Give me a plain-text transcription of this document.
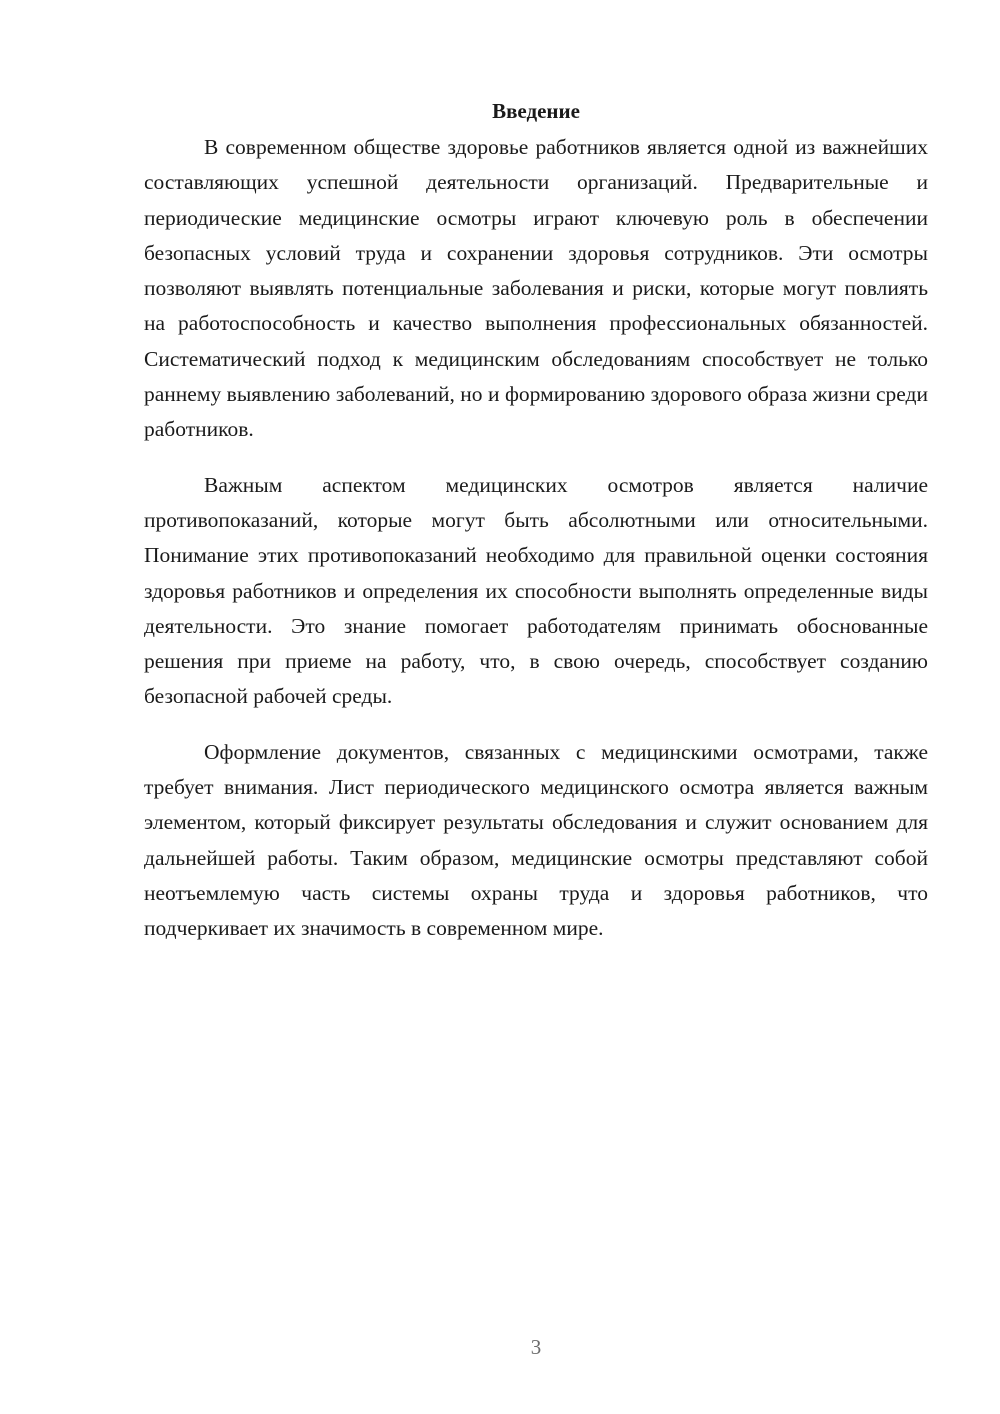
Введение

В современном обществе здоровье работников является одной из важнейших составляющих успешной деятельности организаций. Предварительные и периодические медицинские осмотры играют ключевую роль в обеспечении безопасных условий труда и сохранении здоровья сотрудников. Эти осмотры позволяют выявлять потенциальные заболевания и риски, которые могут повлиять на работоспособность и качество выполнения профессиональных обязанностей. Систематический подход к медицинским обследованиям способствует не только раннему выявлению заболеваний, но и формированию здорового образа жизни среди работников.

Важным аспектом медицинских осмотров является наличие противопоказаний, которые могут быть абсолютными или относительными. Понимание этих противопоказаний необходимо для правильной оценки состояния здоровья работников и определения их способности выполнять определенные виды деятельности. Это знание помогает работодателям принимать обоснованные решения при приеме на работу, что, в свою очередь, способствует созданию безопасной рабочей среды.

Оформление документов, связанных с медицинскими осмотрами, также требует внимания. Лист периодического медицинского осмотра является важным элементом, который фиксирует результаты обследования и служит основанием для дальнейшей работы. Таким образом, медицинские осмотры представляют собой неотъемлемую часть системы охраны труда и здоровья работников, что подчеркивает их значимость в современном мире.

3
